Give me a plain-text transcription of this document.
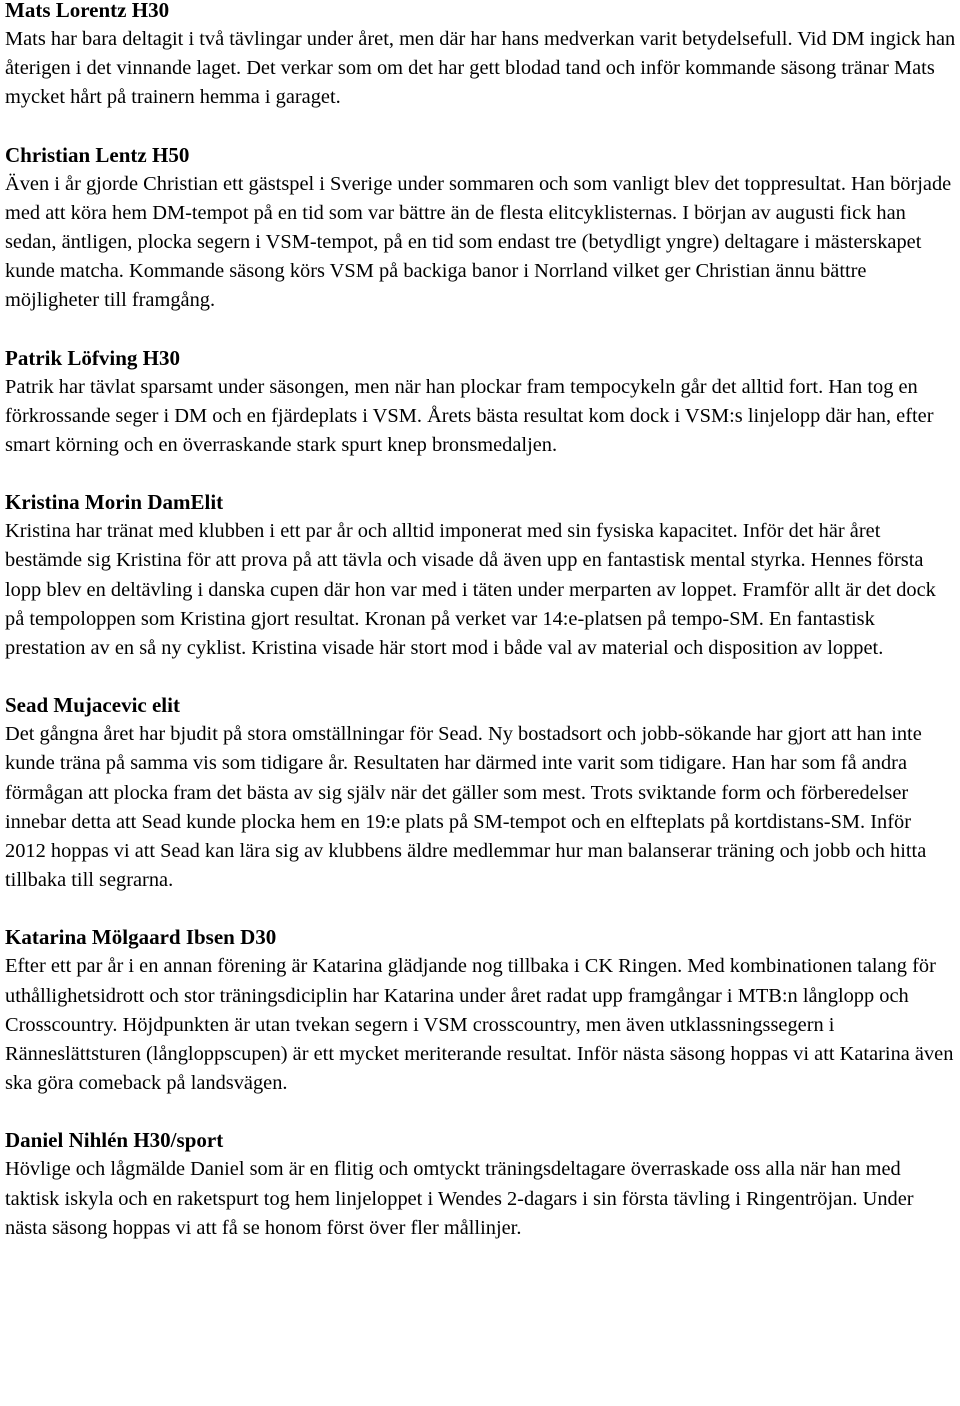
Mats Lorentz H30

Mats har bara deltagit i två tävlingar under året, men där har hans medverkan varit betydelsefull. Vid DM ingick han återigen i det vinnande laget. Det verkar som om det har gett blodad tand och inför kommande säsong tränar Mats mycket hårt på trainern hemma i garaget.

Christian Lentz H50

Även i år gjorde Christian ett gästspel i Sverige under sommaren och som vanligt blev det toppresultat. Han började med att köra hem DM-tempot på en tid som var bättre än de flesta elitcyklisternas. I början av augusti fick han sedan, äntligen, plocka segern i VSM-tempot, på en tid som endast tre (betydligt yngre) deltagare i mästerskapet kunde matcha. Kommande säsong körs VSM på backiga banor i Norrland vilket ger Christian ännu bättre möjligheter till framgång.

Patrik Löfving H30

Patrik har tävlat sparsamt under säsongen, men när han plockar fram tempocykeln går det alltid fort. Han tog en förkrossande seger i DM och en fjärdeplats i VSM. Årets bästa resultat kom dock i VSM:s linjelopp där han, efter smart körning och en överraskande stark spurt knep bronsmedaljen.

Kristina Morin DamElit

Kristina har tränat med klubben i ett par år och alltid imponerat med sin fysiska kapacitet. Inför det här året bestämde sig Kristina för att prova på att tävla och visade då även upp en fantastisk mental styrka. Hennes första lopp blev en deltävling i danska cupen där hon var med i täten under merparten av loppet. Framför allt är det dock på tempoloppen som Kristina gjort resultat. Kronan på verket var 14:e-platsen på tempo-SM. En fantastisk prestation av en så ny cyklist. Kristina visade här stort mod i både val av material och disposition av loppet.

Sead Mujacevic elit

Det gångna året har bjudit på stora omställningar för Sead. Ny bostadsort och jobb-sökande har gjort att han inte kunde träna på samma vis som tidigare år. Resultaten har därmed inte varit som tidigare. Han har som få andra förmågan att plocka fram det bästa av sig själv när det gäller som mest. Trots sviktande form och förberedelser innebar detta att Sead kunde plocka hem en 19:e plats på SM-tempot och en elfteplats på kortdistans-SM. Inför 2012 hoppas vi att Sead kan lära sig av klubbens äldre medlemmar hur man balanserar träning och jobb och hitta tillbaka till segrarna.

Katarina Mölgaard Ibsen D30

Efter ett par år i en annan förening är Katarina glädjande nog tillbaka i CK Ringen. Med kombinationen talang för uthållighetsidrott och stor träningsdiciplin har Katarina under året radat upp framgångar i MTB:n långlopp och Crosscountry. Höjdpunkten är utan tvekan segern i VSM crosscountry, men även utklassningssegern i Ränneslättsturen (långloppscupen) är ett mycket meriterande resultat. Inför nästa säsong hoppas vi att Katarina även ska göra comeback på landsvägen.

Daniel Nihlén H30/sport

Hövlige och lågmälde Daniel som är en flitig och omtyckt träningsdeltagare överraskade oss alla när han med taktisk iskyla och en raketspurt tog hem linjeloppet i Wendes 2-dagars i sin första tävling i Ringentröjan. Under nästa säsong hoppas vi att få se honom först över fler mållinjer.
